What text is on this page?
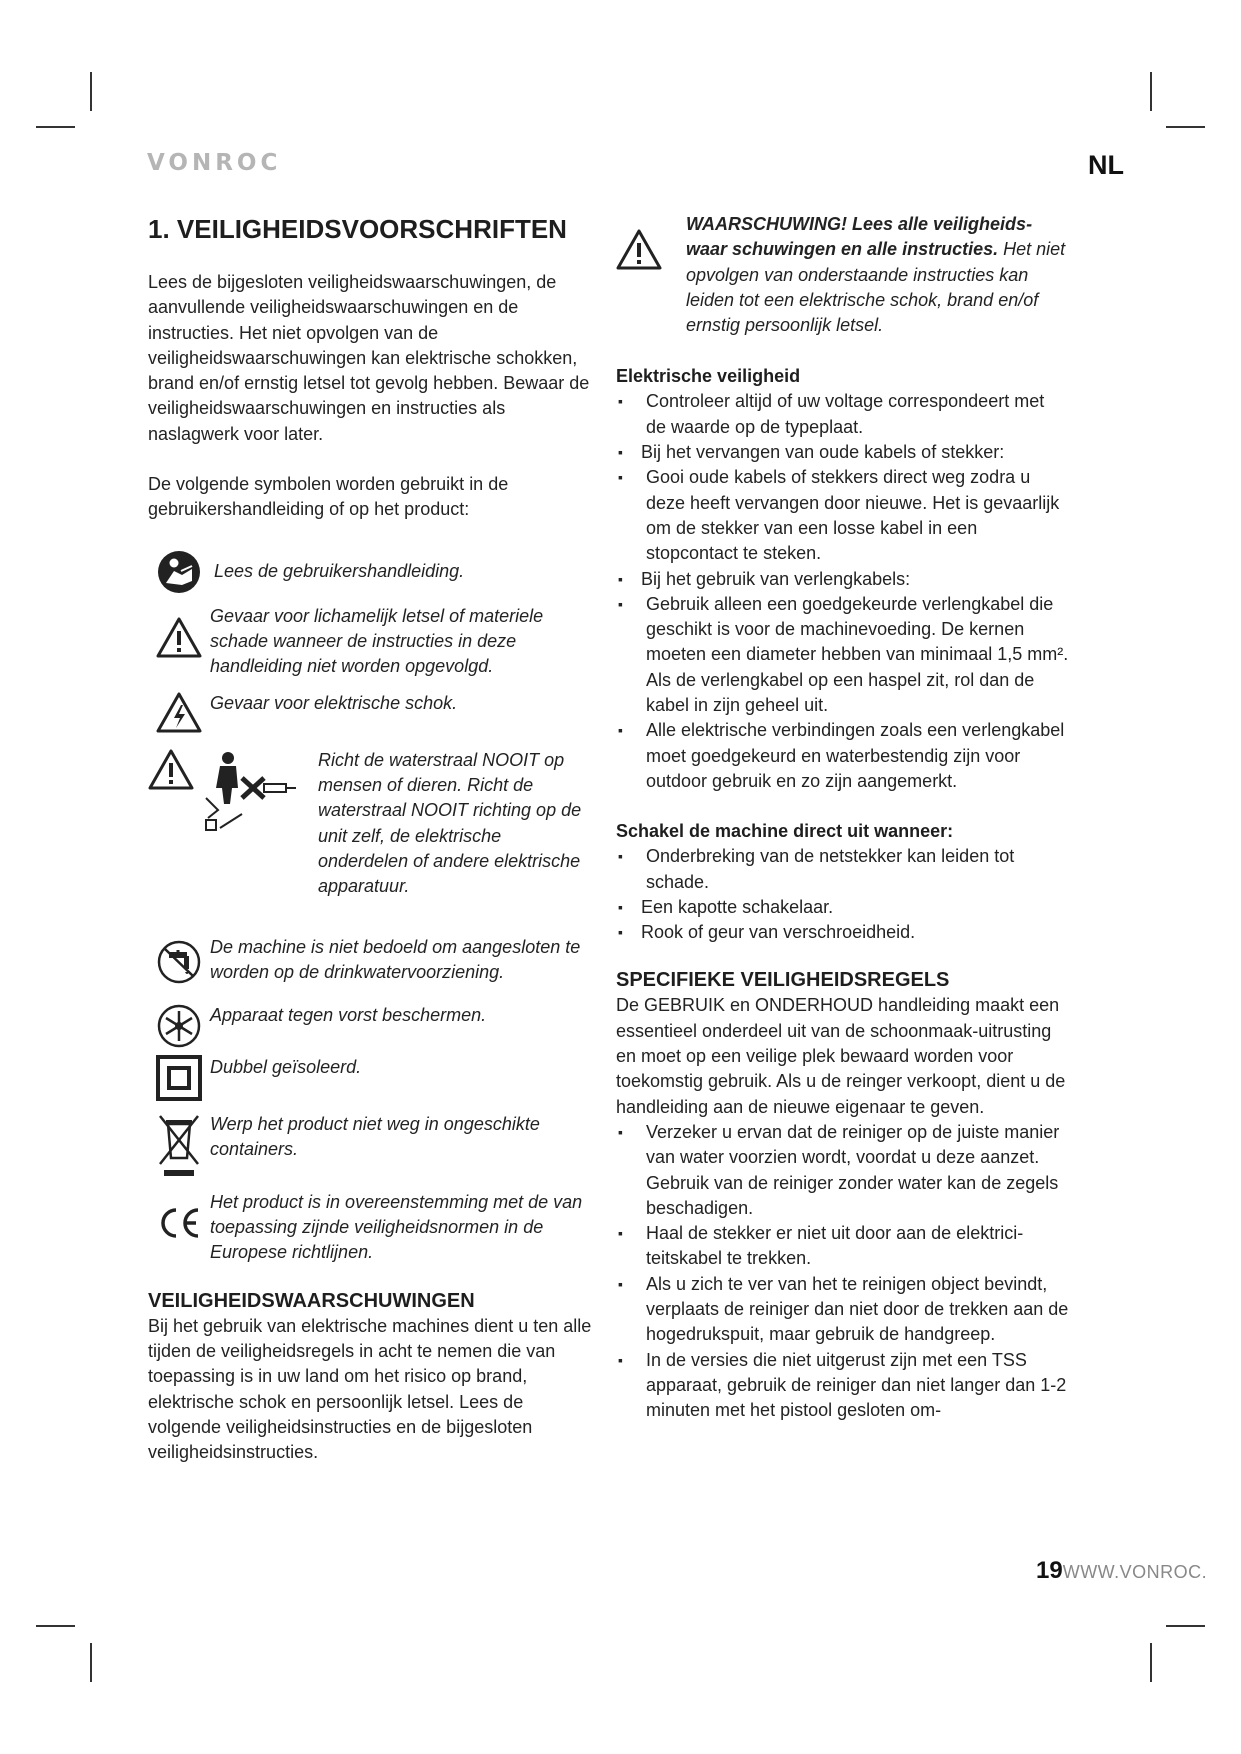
VONROC	NL
1. VEILIGHEIDSVOORSCHRIFTEN

Lees de bijgesloten veiligheidswaarschuwingen, de aanvullende veiligheidswaarschuwingen en de instructies. Het niet opvolgen van de veiligheidswaarschuwingen kan elektrische schokken, brand en/of ernstig letsel tot gevolg hebben. Bewaar de veiligheidswaarschuwingen en instructies als naslagwerk voor later.

De volgende symbolen worden gebruikt in de gebruikershandleiding of op het product:

Lees de gebruikershandleiding.
Gevaar voor lichamelijk letsel of materiele schade wanneer de instructies in deze handleiding niet worden opgevolgd.
Gevaar voor elektrische schok.
Richt de waterstraal NOOIT op mensen of dieren. Richt de waterstraal NOOIT richting op de unit zelf, de elektrische onderdelen of andere elektrische apparatuur.
De machine is niet bedoeld om aangesloten te worden op de drinkwatervoorziening.
Apparaat tegen vorst beschermen.
Dubbel geïsoleerd.
Werp het product niet weg in ongeschikte containers.
Het product is in overeenstemming met de van toepassing zijnde veiligheidsnormen in de Europese richtlijnen.
VEILIGHEIDSWAARSCHUWINGEN

Bij het gebruik van elektrische machines dient u ten alle tijden de veiligheidsregels in acht te nemen die van toepassing is in uw land om het risico op brand, elektrische schok en persoonlijk letsel. Lees de volgende veiligheidsinstructies en de bijgesloten veiligheidsinstructies.

WAARSCHUWING! Lees alle veiligheids-waar schuwingen en alle instructies. Het niet opvolgen van onderstaande instructies kan leiden tot een elektrische schok, brand en/of ernstig persoonlijk letsel.

Elektrische veiligheid
▪ Controleer altijd of uw voltage correspondeert met de waarde op de typeplaat.
▪ Bij het vervangen van oude kabels of stekker:
▪ Gooi oude kabels of stekkers direct weg zodra u deze heeft vervangen door nieuwe. Het is gevaarlijk om de stekker van een losse kabel in een stopcontact te steken.
▪ Bij het gebruik van verlengkabels:
▪ Gebruik alleen een goedgekeurde verlengkabel die geschikt is voor de machinevoeding. De kernen moeten een diameter hebben van minimaal 1,5 mm². Als de verlengkabel op een haspel zit, rol dan de kabel in zijn geheel uit.
▪ Alle elektrische verbindingen zoals een verlengkabel moet goedgekeurd en waterbestendig zijn voor outdoor gebruik en zo zijn aangemerkt.
Schakel de machine direct uit wanneer:
▪ Onderbreking van de netstekker kan leiden tot schade.
▪ Een kapotte schakelaar.
▪ Rook of geur van verschroeidheid.
SPECIFIEKE VEILIGHEIDSREGELS

De GEBRUIK en ONDERHOUD handleiding maakt een essentieel onderdeel uit van de schoonmaak-uitrusting en moet op een veilige plek bewaard worden voor toekomstig gebruik. Als u de reinger verkoopt, dient u de handleiding aan de nieuwe eigenaar te geven.

▪ Verzeker u ervan dat de reiniger op de juiste manier van water voorzien wordt, voordat u deze aanzet. Gebruik van de reiniger zonder water kan de zegels beschadigen.
▪ Haal de stekker er niet uit door aan de elektrici-teitskabel te trekken.
▪ Als u zich te ver van het te reinigen object bevindt, verplaats de reiniger dan niet door de trekken aan de hogedrukspuit, maar gebruik de handgreep.
▪ In de versies die niet uitgerust zijn met een TSS apparaat, gebruik de reiniger dan niet langer dan 1-2 minuten met het pistool gesloten om-
19WWW.VONROC.
